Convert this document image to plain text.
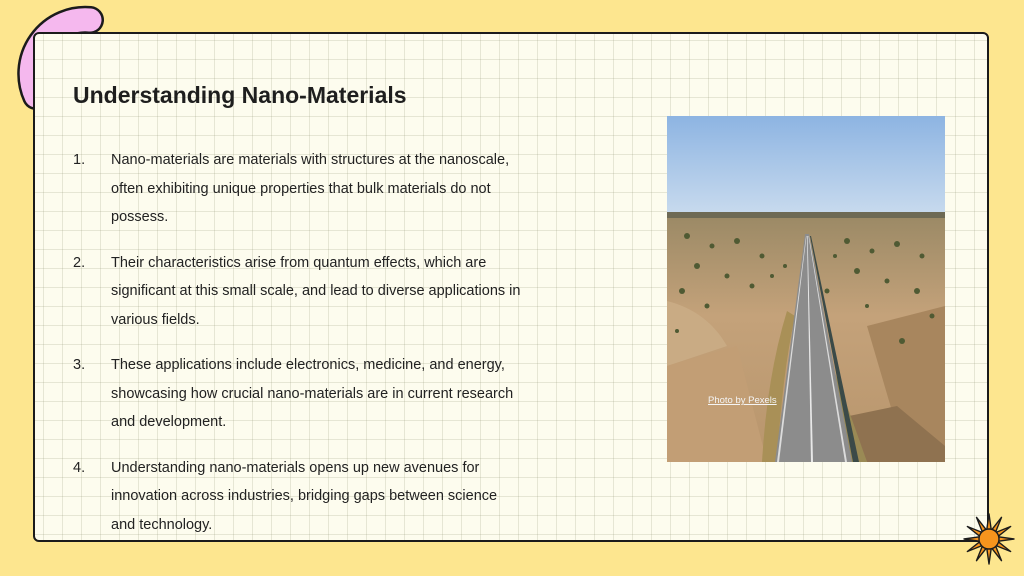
Understanding Nano-Materials
1.	Nano-materials are materials with structures at the nanoscale, often exhibiting unique properties that bulk materials do not possess.
2.	Their characteristics arise from quantum effects, which are significant at this small scale, and lead to diverse applications in various fields.
3.	These applications include electronics, medicine, and energy, showcasing how crucial nano-materials are in current research and development.
4.	Understanding nano-materials opens up new avenues for innovation across industries, bridging gaps between science and technology.
Photo by Pexels
